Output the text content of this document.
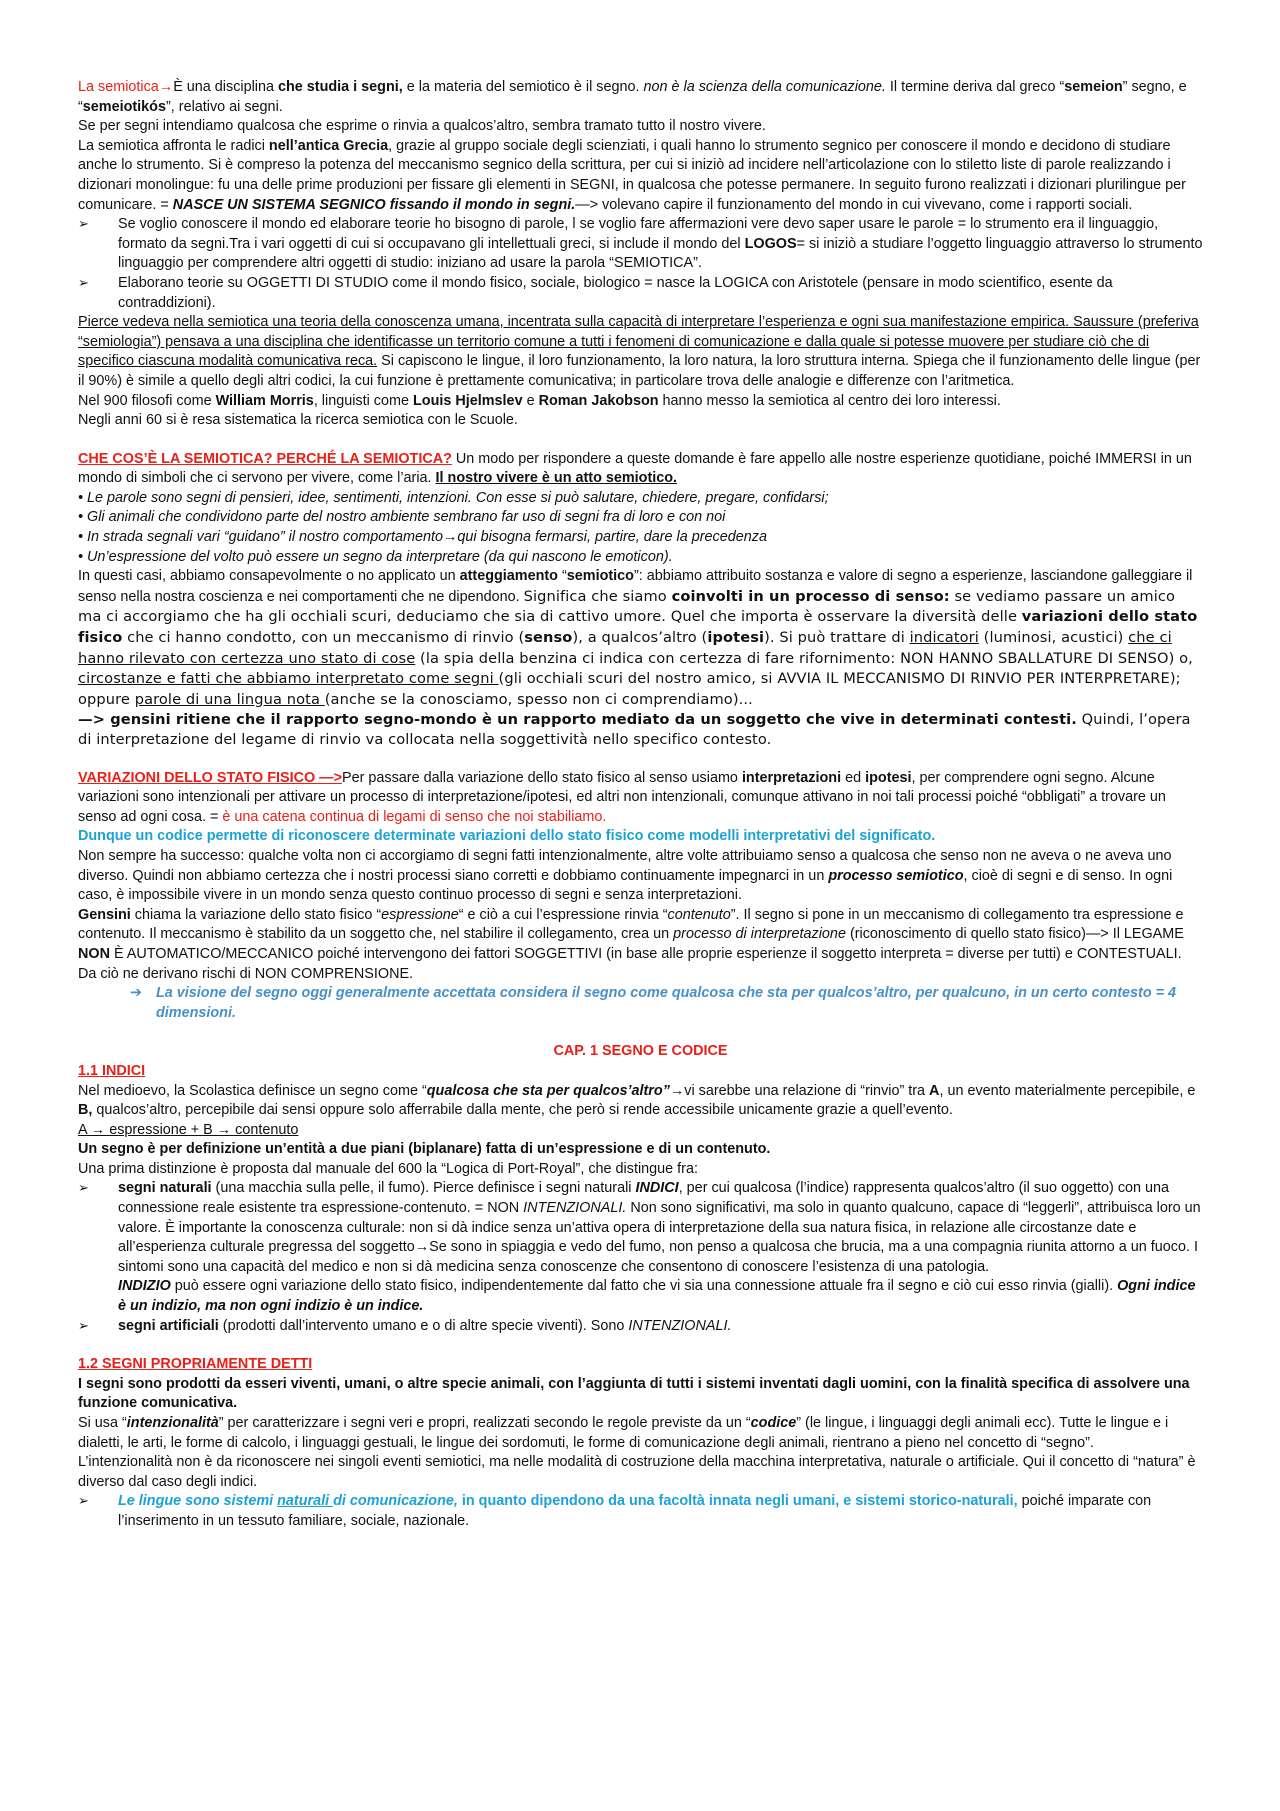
La semiotica→È una disciplina che studia i segni, e la materia del semiotico è il segno. non è la scienza della comunicazione. Il termine deriva dal greco “semeion” segno, e “semeiotikós”, relativo ai segni.

Se per segni intendiamo qualcosa che esprime o rinvia a qualcos’altro, sembra tramato tutto il nostro vivere.

La semiotica affronta le radici nell’antica Grecia, grazie al gruppo sociale degli scienziati, i quali hanno lo strumento segnico per conoscere il mondo e decidono di studiare anche lo strumento. Si è compreso la potenza del meccanismo segnico della scrittura, per cui si iniziò ad incidere nell’articolazione con lo stiletto liste di parole realizzando i dizionari monolingue: fu una delle prime produzioni per fissare gli elementi in SEGNI, in qualcosa che potesse permanere. In seguito furono realizzati i dizionari plurilingue per comunicare. = NASCE UN SISTEMA SEGNICO fissando il mondo in segni.—> volevano capire il funzionamento del mondo in cui vivevano, come i rapporti sociali.

➢ Se voglio conoscere il mondo ed elaborare teorie ho bisogno di parole, l se voglio fare affermazioni vere devo saper usare le parole = lo strumento era il linguaggio, formato da segni.Tra i vari oggetti di cui si occupavano gli intellettuali greci, si include il mondo del LOGOS= si iniziò a studiare l’oggetto linguaggio attraverso lo strumento linguaggio per comprendere altri oggetti di studio: iniziano ad usare la parola “SEMIOTICA”.

➢ Elaborano teorie su OGGETTI DI STUDIO come il mondo fisico, sociale, biologico = nasce la LOGICA con Aristotele (pensare in modo scientifico, esente da contraddizioni).

Pierce vedeva nella semiotica una teoria della conoscenza umana, incentrata sulla capacità di interpretare l’esperienza e ogni sua manifestazione empirica. Saussure (preferiva “semiologia”) pensava a una disciplina che identificasse un territorio comune a tutti i fenomeni di comunicazione e dalla quale si potesse muovere per studiare ciò che di specifico ciascuna modalità comunicativa reca. Si capiscono le lingue, il loro funzionamento, la loro natura, la loro struttura interna. Spiega che il funzionamento delle lingue (per il 90%) è simile a quello degli altri codici, la cui funzione è prettamente comunicativa; in particolare trova delle analogie e differenze con l’aritmetica.

Nel 900 filosofi come William Morris, linguisti come Louis Hjelmslev e Roman Jakobson hanno messo la semiotica al centro dei loro interessi.

Negli anni 60 si è resa sistematica la ricerca semiotica con le Scuole.

CHE COS’È LA SEMIOTICA? PERCHÉ LA SEMIOTICA? Un modo per rispondere a queste domande è fare appello alle nostre esperienze quotidiane, poiché IMMERSI in un mondo di simboli che ci servono per vivere, come l’aria. Il nostro vivere è un atto semiotico.

• Le parole sono segni di pensieri, idee, sentimenti, intenzioni. Con esse si può salutare, chiedere, pregare, confidarsi;

• Gli animali che condividono parte del nostro ambiente sembrano far uso di segni fra di loro e con noi

• In strada segnali vari “guidano” il nostro comportamento→qui bisogna fermarsi, partire, dare la precedenza

• Un’espressione del volto può essere un segno da interpretare (da qui nascono le emoticon).

In questi casi, abbiamo consapevolmente o no applicato un atteggiamento “semiotico”: abbiamo attribuito sostanza e valore di segno a esperienze, lasciandone galleggiare il senso nella nostra coscienza e nei comportamenti che ne dipendono. Significa che siamo coinvolti in un processo di senso: se vediamo passare un amico ma ci accorgiamo che ha gli occhiali scuri, deduciamo che sia di cattivo umore. Quel che importa è osservare la diversità delle variazioni dello stato fisico che ci hanno condotto, con un meccanismo di rinvio (senso), a qualcos’altro (ipotesi). Si può trattare di indicatori (luminosi, acustici) che ci hanno rilevato con certezza uno stato di cose (la spia della benzina ci indica con certezza di fare rifornimento: NON HANNO SBALLATURE DI SENSO) o, circostanze e fatti che abbiamo interpretato come segni (gli occhiali scuri del nostro amico, si AVVIA IL MECCANISMO DI RINVIO PER INTERPRETARE); oppure parole di una lingua nota (anche se la conosciamo, spesso non ci comprendiamo)...

—> gensini ritiene che il rapporto segno-mondo è un rapporto mediato da un soggetto che vive in determinati contesti. Quindi, l’opera di interpretazione del legame di rinvio va collocata nella soggettività nello specifico contesto.

VARIAZIONI DELLO STATO FISICO —>Per passare dalla variazione dello stato fisico al senso usiamo interpretazioni ed ipotesi, per comprendere ogni segno. Alcune variazioni sono intenzionali per attivare un processo di interpretazione/ipotesi, ed altri non intenzionali, comunque attivano in noi tali processi poiché “obbligati” a trovare un senso ad ogni cosa. = è una catena continua di legami di senso che noi stabiliamo.

Dunque un codice permette di riconoscere determinate variazioni dello stato fisico come modelli interpretativi del significato.

Non sempre ha successo: qualche volta non ci accorgiamo di segni fatti intenzionalmente, altre volte attribuiamo senso a qualcosa che senso non ne aveva o ne aveva uno diverso. Quindi non abbiamo certezza che i nostri processi siano corretti e dobbiamo continuamente impegnarci in un processo semiotico, cioè di segni e di senso. In ogni caso, è impossibile vivere in un mondo senza questo continuo processo di segni e senza interpretazioni.

Gensini chiama la variazione dello stato fisico “espressione“ e ciò a cui l’espressione rinvia “contenuto”. Il segno si pone in un meccanismo di collegamento tra espressione e contenuto. Il meccanismo è stabilito da un soggetto che, nel stabilire il collegamento, crea un processo di interpretazione (riconoscimento di quello stato fisico)—> Il LEGAME NON È AUTOMATICO/MECCANICO poiché intervengono dei fattori SOGGETTIVI (in base alle proprie esperienze il soggetto interpreta = diverse per tutti) e CONTESTUALI. Da ciò ne derivano rischi di NON COMPRENSIONE.

➔ La visione del segno oggi generalmente accettata considera il segno come qualcosa che sta per qualcos’altro, per qualcuno, in un certo contesto = 4 dimensioni.

CAP. 1 SEGNO E CODICE

1.1 INDICI

Nel medioevo, la Scolastica definisce un segno come “qualcosa che sta per qualcos’altro”→vi sarebbe una relazione di “rinvio” tra A, un evento materialmente percepibile, e B, qualcos’altro, percepibile dai sensi oppure solo afferrabile dalla mente, che però si rende accessibile unicamente grazie a quell’evento.

A → espressione + B → contenuto

Un segno è per definizione un’entità a due piani (biplanare) fatta di un’espressione e di un contenuto.

Una prima distinzione è proposta dal manuale del 600 la “Logica di Port-Royal”, che distingue fra:

➢ segni naturali (una macchia sulla pelle, il fumo). Pierce definisce i segni naturali INDICI, per cui qualcosa (l’indice) rappresenta qualcos’altro (il suo oggetto) con una connessione reale esistente tra espressione-contenuto. = NON INTENZIONALI. Non sono significativi, ma solo in quanto qualcuno, capace di “leggerli”, attribuisca loro un valore. È importante la conoscenza culturale: non si dà indice senza un’attiva opera di interpretazione della sua natura fisica, in relazione alle circostanze date e all’esperienza culturale pregressa del soggetto→Se sono in spiaggia e vedo del fumo, non penso a qualcosa che brucia, ma a una compagnia riunita attorno a un fuoco. I sintomi sono una capacità del medico e non si dà medicina senza conoscenze che consentono di conoscere l’esistenza di una patologia.

INDIZIO può essere ogni variazione dello stato fisico, indipendentemente dal fatto che vi sia una connessione attuale fra il segno e ciò cui esso rinvia (gialli). Ogni indice è un indizio, ma non ogni indizio è un indice.

➢ segni artificiali (prodotti dall’intervento umano e o di altre specie viventi). Sono INTENZIONALI.

1.2 SEGNI PROPRIAMENTE DETTI

I segni sono prodotti da esseri viventi, umani, o altre specie animali, con l’aggiunta di tutti i sistemi inventati dagli uomini, con la finalità specifica di assolvere una funzione comunicativa.

Si usa “intenzionalità” per caratterizzare i segni veri e propri, realizzati secondo le regole previste da un “codice” (le lingue, i linguaggi degli animali ecc). Tutte le lingue e i dialetti, le arti, le forme di calcolo, i linguaggi gestuali, le lingue dei sordomuti, le forme di comunicazione degli animali, rientrano a pieno nel concetto di “segno”.

L’intenzionalità non è da riconoscere nei singoli eventi semiotici, ma nelle modalità di costruzione della macchina interpretativa, naturale o artificiale. Qui il concetto di “natura” è diverso dal caso degli indici.

➢ Le lingue sono sistemi naturali di comunicazione, in quanto dipendono da una facoltà innata negli umani, e sistemi storico-naturali, poiché imparate con l’inserimento in un tessuto familiare, sociale, nazionale.
